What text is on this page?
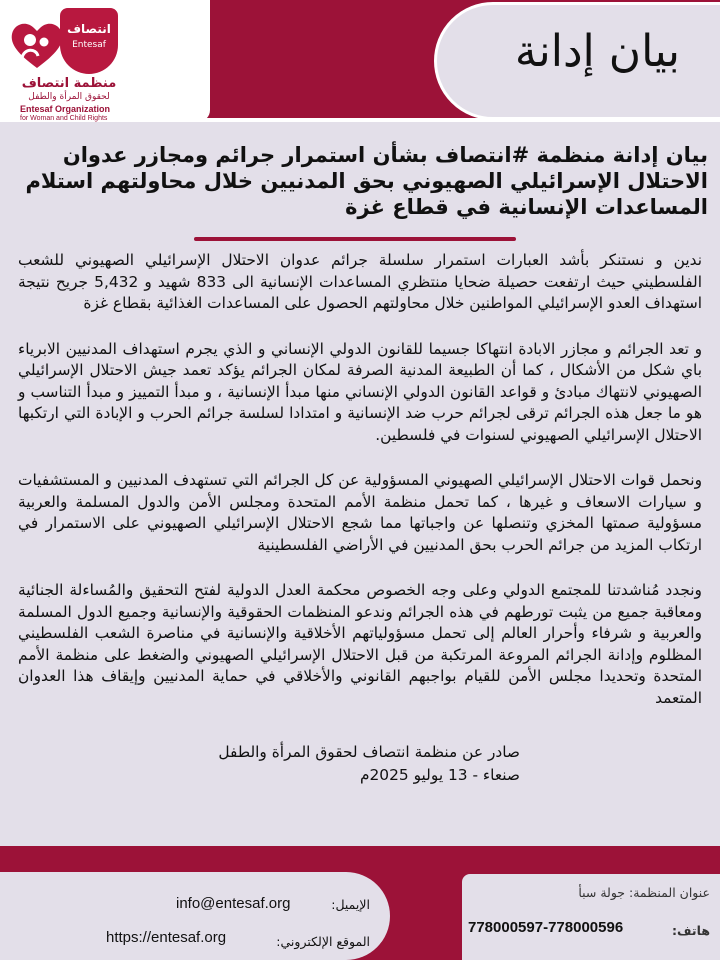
بيان إدانة
انتصاف
Entesaf
منظمة انتصاف
لحقوق المرأة والطفل
Entesaf Organization
for Woman and Child Rights
بيان إدانة منظمة #انتصاف بشأن استمرار جرائم ومجازر عدوان الاحتلال الإسرائيلي الصهيوني بحق المدنيين خلال محاولتهم استلام المساعدات الإنسانية في قطاع غزة

ندين و نستنكر بأشد العبارات استمرار سلسلة جرائم عدوان الاحتلال الإسرائيلي الصهيوني للشعب الفلسطيني حيث ارتفعت حصيلة ضحايا منتظري المساعدات الإنسانية الى 833 شهيد و 5,432 جريح نتيجة استهداف العدو الإسرائيلي المواطنين خلال محاولتهم الحصول على المساعدات الغذائية بقطاع غزة

و تعد الجرائم و مجازر الابادة انتهاكا جسيما للقانون الدولي الإنساني و الذي يجرم استهداف المدنيين الابرياء باي شكل من الأشكال ، كما أن الطبيعة المدنية الصرفة لمكان الجرائم يؤكد تعمد جيش الاحتلال الإسرائيلي الصهيوني لانتهاك مبادئ و قواعد القانون الدولي الإنساني منها مبدأ الإنسانية ، و مبدأ التمييز و مبدأ التناسب و هو ما جعل هذه الجرائم ترقى لجرائم حرب ضد الإنسانية و امتدادا لسلسة جرائم الحرب و الإبادة التي ارتكبها الاحتلال الإسرائيلي الصهيوني لسنوات في فلسطين.

ونحمل قوات الاحتلال الإسرائيلي الصهيوني المسؤولية عن كل الجرائم التي تستهدف المدنيين و المستشفيات و سيارات الاسعاف و غيرها ، كما تحمل منظمة الأمم المتحدة ومجلس الأمن والدول المسلمة والعربية مسؤولية صمتها المخزي وتنصلها عن واجباتها مما شجع الاحتلال الإسرائيلي الصهيوني على الاستمرار في ارتكاب المزيد من جرائم الحرب بحق المدنيين في الأراضي الفلسطينية

ونجدد مُناشدتنا للمجتمع الدولي وعلى وجه الخصوص محكمة العدل الدولية لفتح التحقيق والمُساءلة الجنائية ومعاقبة جميع من يثبت تورطهم في هذه الجرائم وندعو المنظمات الحقوقية والإنسانية وجميع الدول المسلمة والعربية و شرفاء وأحرار العالم إلى تحمل مسؤولياتهم الأخلاقية والإنسانية في مناصرة الشعب الفلسطيني المظلوم وإدانة الجرائم المروعة المرتكبة من قبل الاحتلال الإسرائيلي الصهيوني والضغط على منظمة الأمم المتحدة وتحديدا مجلس الأمن للقيام بواجبهم القانوني والأخلاقي في حماية المدنيين وإيقاف هذا العدوان المتعمد

صادر عن منظمة انتصاف لحقوق المرأة والطفل
صنعاء - 13 يوليو 2025م
الإيميل:
info@entesaf.org
الموقع الإلكتروني:
https://entesaf.org
عنوان المنظمة: جولة سبأ
هاتف:
778000597-778000596
